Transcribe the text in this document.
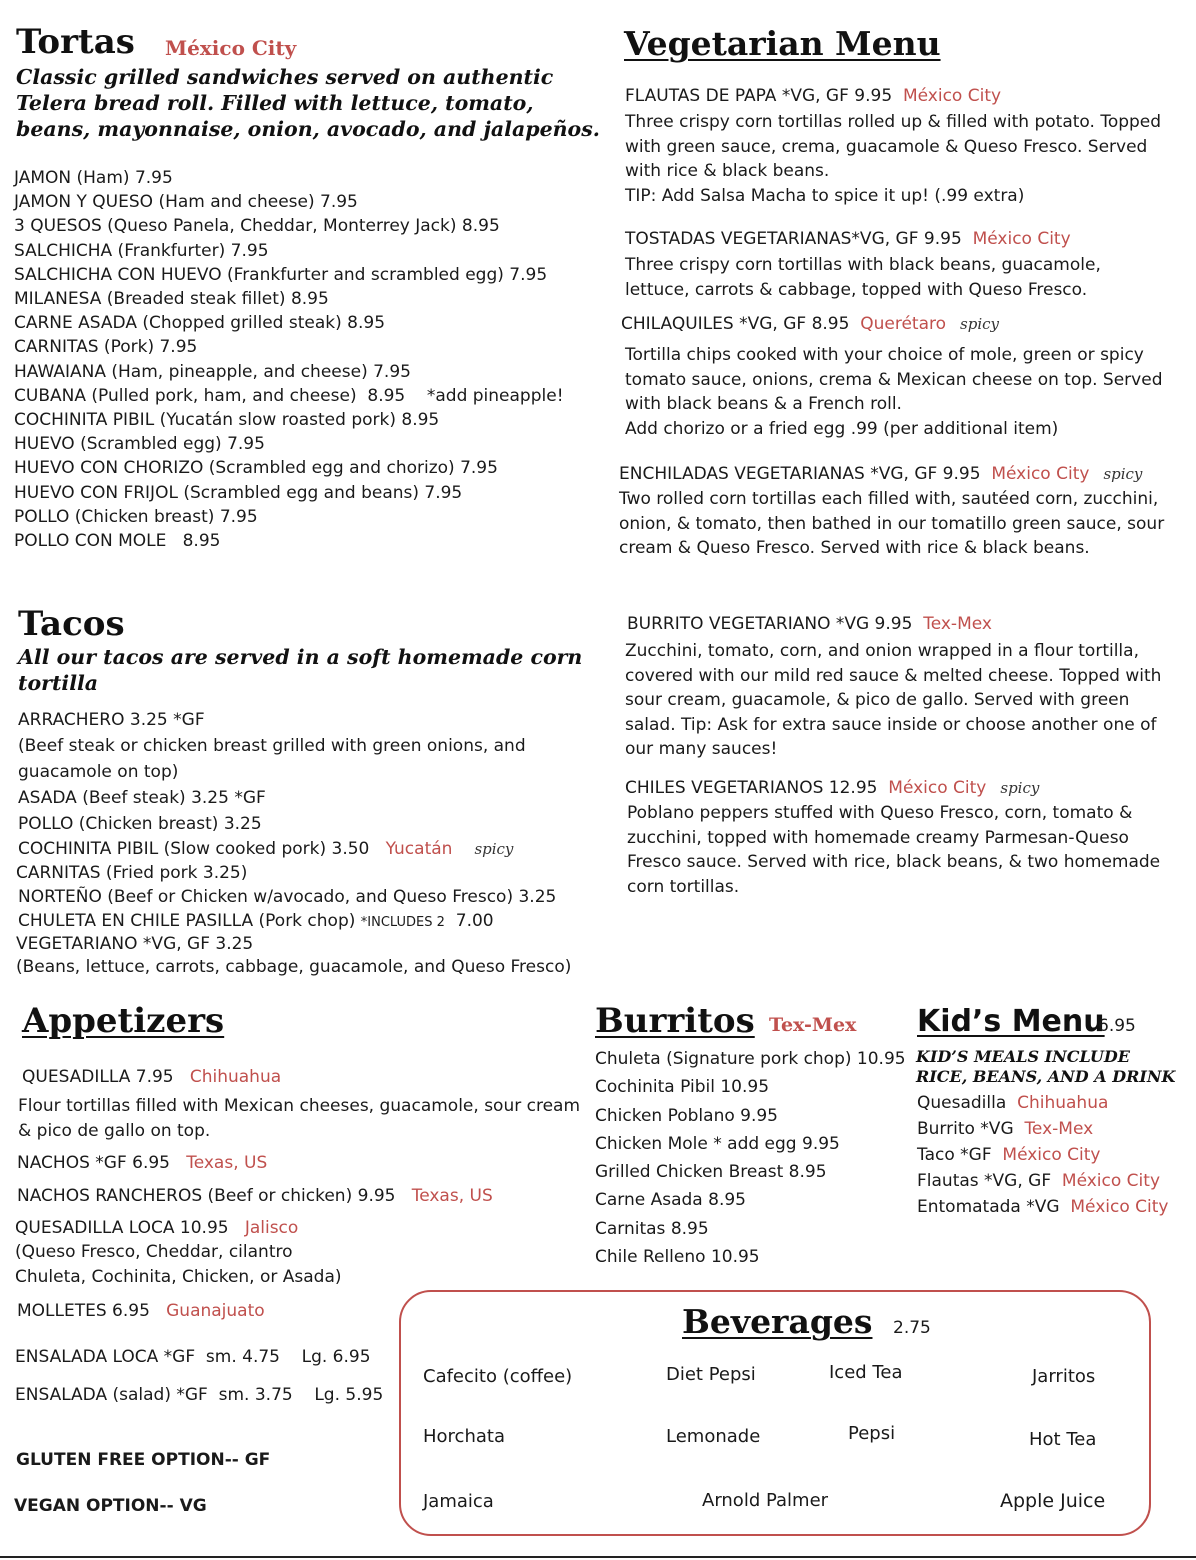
Tortas México City
Classic grilled sandwiches served on authentic Telera bread roll. Filled with lettuce, tomato, beans, mayonnaise, onion, avocado, and jalapeños.
JAMON (Ham) 7.95
JAMON Y QUESO (Ham and cheese) 7.95
3 QUESOS (Queso Panela, Cheddar, Monterrey Jack) 8.95
SALCHICHA (Frankfurter) 7.95
SALCHICHA CON HUEVO (Frankfurter and scrambled egg) 7.95
MILANESA (Breaded steak fillet) 8.95
CARNE ASADA (Chopped grilled steak) 8.95
CARNITAS (Pork) 7.95
HAWAIANA (Ham, pineapple, and cheese) 7.95
CUBANA (Pulled pork, ham, and cheese)  8.95    *add pineapple!
COCHINITA PIBIL (Yucatán slow roasted pork) 8.95
HUEVO (Scrambled egg) 7.95
HUEVO CON CHORIZO (Scrambled egg and chorizo) 7.95
HUEVO CON FRIJOL (Scrambled egg and beans) 7.95
POLLO (Chicken breast) 7.95
POLLO CON MOLE   8.95
Vegetarian Menu
FLAUTAS DE PAPA *VG, GF 9.95 México City
Three crispy corn tortillas rolled up & filled with potato. Topped with green sauce, crema, guacamole & Queso Fresco. Served with rice & black beans.
TIP: Add Salsa Macha to spice it up! (.99 extra)
TOSTADAS VEGETARIANAS*VG, GF 9.95 México City
Three crispy corn tortillas with black beans, guacamole, lettuce, carrots & cabbage, topped with Queso Fresco.
CHILAQUILES *VG, GF 8.95 Querétaro spicy
Tortilla chips cooked with your choice of mole, green or spicy tomato sauce, onions, crema & Mexican cheese on top. Served with black beans & a French roll.
Add chorizo or a fried egg .99 (per additional item)
ENCHILADAS VEGETARIANAS *VG, GF 9.95 México City spicy
Two rolled corn tortillas each filled with, sautéed corn, zucchini, onion, & tomato, then bathed in our tomatillo green sauce, sour cream & Queso Fresco. Served with rice & black beans.
BURRITO VEGETARIANO *VG 9.95 Tex-Mex
Zucchini, tomato, corn, and onion wrapped in a flour tortilla, covered with our mild red sauce & melted cheese. Topped with sour cream, guacamole, & pico de gallo. Served with green salad. Tip: Ask for extra sauce inside or choose another one of our many sauces!
CHILES VEGETARIANOS 12.95 México City spicy
Poblano peppers stuffed with Queso Fresco, corn, tomato & zucchini, topped with homemade creamy Parmesan-Queso Fresco sauce. Served with rice, black beans, & two homemade corn tortillas.
Tacos
All our tacos are served in a soft homemade corn tortilla
ARRACHERO 3.25 *GF
(Beef steak or chicken breast grilled with green onions, and guacamole on top)
ASADA (Beef steak) 3.25 *GF
POLLO (Chicken breast) 3.25
COCHINITA PIBIL (Slow cooked pork) 3.50 Yucatán spicy
CARNITAS (Fried pork 3.25)
NORTEÑO (Beef or Chicken w/avocado, and Queso Fresco) 3.25
CHULETA EN CHILE PASILLA (Pork chop) *INCLUDES 2 7.00
VEGETARIANO *VG, GF 3.25
(Beans, lettuce, carrots, cabbage, guacamole, and Queso Fresco)
Appetizers
QUESADILLA 7.95 Chihuahua
Flour tortillas filled with Mexican cheeses, guacamole, sour cream & pico de gallo on top.
NACHOS *GF 6.95 Texas, US
NACHOS RANCHEROS (Beef or chicken) 9.95 Texas, US
QUESADILLA LOCA 10.95 Jalisco
(Queso Fresco, Cheddar, cilantro
Chuleta, Cochinita, Chicken, or Asada)
MOLLETES 6.95 Guanajuato
ENSALADA LOCA *GF  sm. 4.75    Lg. 6.95
ENSALADA (salad) *GF  sm. 3.75    Lg. 5.95
GLUTEN FREE OPTION-- GF
VEGAN OPTION-- VG
Burritos Tex-Mex
Chuleta (Signature pork chop) 10.95
Cochinita Pibil 10.95
Chicken Poblano 9.95
Chicken Mole * add egg 9.95
Grilled Chicken Breast 8.95
Carne Asada 8.95
Carnitas 8.95
Chile Relleno 10.95
Kid’s Menu
6.95
KID’S MEALS INCLUDE
RICE, BEANS, AND A DRINK
Quesadilla Chihuahua
Burrito *VG Tex-Mex
Taco *GF México City
Flautas *VG, GF México City
Entomatada *VG México City
Beverages 2.75
Cafecito (coffee)	Diet Pepsi	Iced Tea	Jarritos
Horchata	Lemonade	Pepsi	Hot Tea
Jamaica	Arnold Palmer	Apple Juice
